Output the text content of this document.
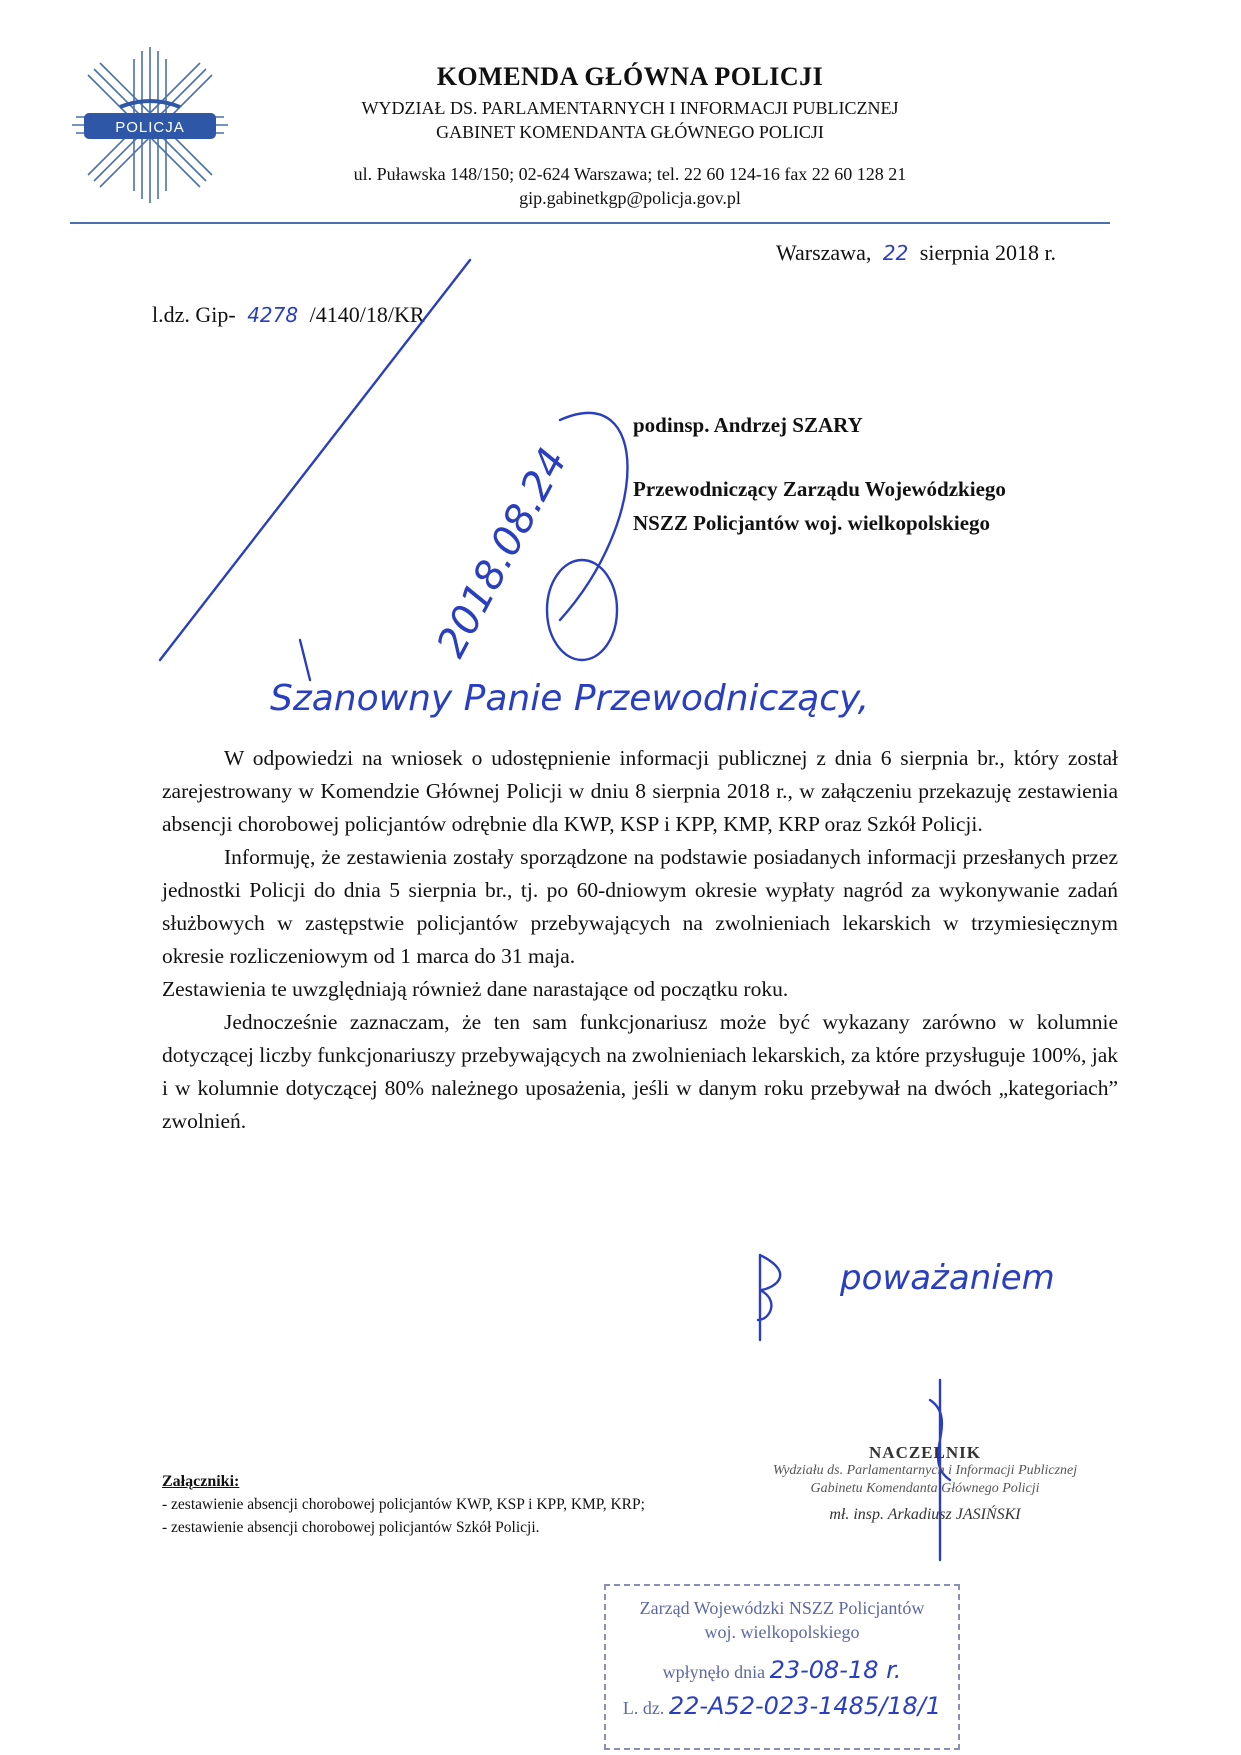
POLICJA
KOMENDA GŁÓWNA POLICJI
WYDZIAŁ DS. PARLAMENTARNYCH I INFORMACJI PUBLICZNEJ
GABINET KOMENDANTA GŁÓWNEGO POLICJI
ul. Puławska 148/150; 02-624 Warszawa; tel. 22 60 124-16 fax 22 60 128 21
gip.gabinetkgp@policja.gov.pl
Warszawa, 22 sierpnia 2018 r.
l.dz. Gip- 4278 /4140/18/KR
podinsp. Andrzej SZARY
Przewodniczący Zarządu Wojewódzkiego
NSZZ Policjantów woj. wielkopolskiego
Szanowny Panie Przewodniczący,
2018.08.24

W odpowiedzi na wniosek o udostępnienie informacji publicznej z dnia 6 sierpnia br., który został zarejestrowany w Komendzie Głównej Policji w dniu 8 sierpnia 2018 r., w załączeniu przekazuję zestawienia absencji chorobowej policjantów odrębnie dla KWP, KSP i KPP, KMP, KRP oraz Szkół Policji.

Informuję, że zestawienia zostały sporządzone na podstawie posiadanych informacji przesłanych przez jednostki Policji do dnia 5 sierpnia br., tj. po 60-dniowym okresie wypłaty nagród za wykonywanie zadań służbowych w zastępstwie policjantów przebywających na zwolnieniach lekarskich w trzymiesięcznym okresie rozliczeniowym od 1 marca do 31 maja.

Zestawienia te uwzględniają również dane narastające od początku roku.

Jednocześnie zaznaczam, że ten sam funkcjonariusz może być wykazany zarówno w kolumnie dotyczącej liczby funkcjonariuszy przebywających na zwolnieniach lekarskich, za które przysługuje 100%, jak i w kolumnie dotyczącej 80% należnego uposażenia, jeśli w danym roku przebywał na dwóch „kategoriach” zwolnień.

poważaniem
Załączniki:
- zestawienie absencji chorobowej policjantów KWP, KSP i KPP, KMP, KRP;
- zestawienie absencji chorobowej policjantów Szkół Policji.
NACZELNIK
Wydziału ds. Parlamentarnych i Informacji Publicznej
Gabinetu Komendanta Głównego Policji
mł. insp. Arkadiusz JASIŃSKI
Zarząd Wojewódzki NSZZ Policjantów
woj. wielkopolskiego
wpłynęło dnia 23-08-18 r.
L. dz. 22-A52-023-1485/18/1
